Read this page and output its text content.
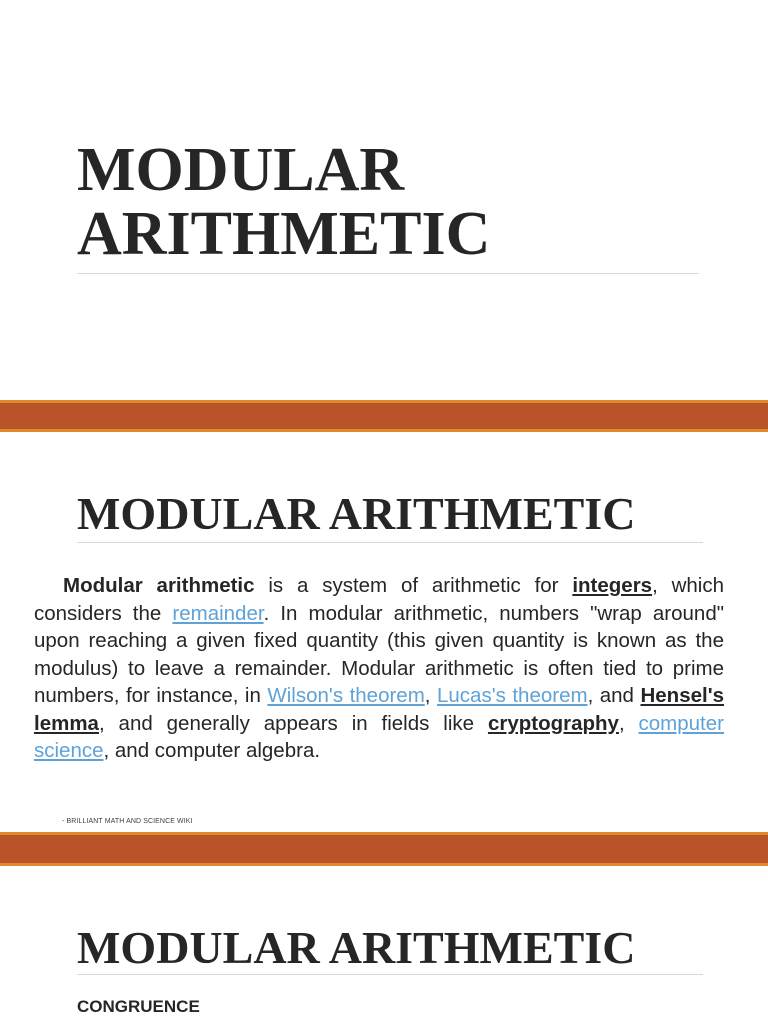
MODULAR
ARITHMETIC
MODULAR ARITHMETIC

Modular arithmetic is a system of arithmetic for integers, which considers the remainder. In modular arithmetic, numbers "wrap around" upon reaching a given fixed quantity (this given quantity is known as the modulus) to leave a remainder. Modular arithmetic is often tied to prime numbers, for instance, in Wilson's theorem, Lucas's theorem, and Hensel's lemma, and generally appears in fields like cryptography, computer science, and computer algebra.

- BRILLIANT MATH AND SCIENCE WIKI

MODULAR ARITHMETIC

CONGRUENCE
